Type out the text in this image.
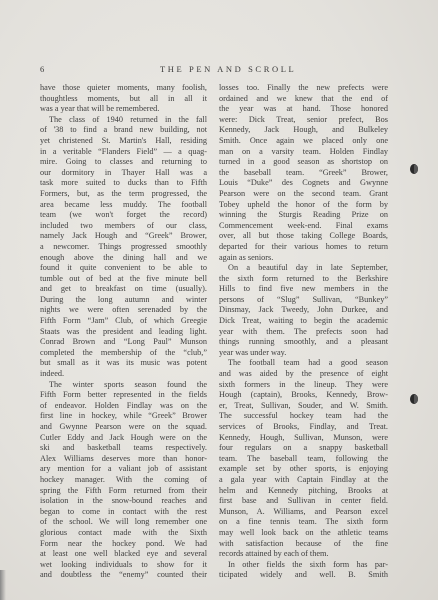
6	THE PEN AND SCROLL
have those quieter moments, many foolish,
thoughtless moments, but all in all it
was a year that will be remembered.
The class of 1940 returned in the fall
of '38 to find a brand new building, not
yet christened St. Martin's Hall, residing
in a veritable “Flanders Field” — a quag-
mire. Going to classes and returning to
our dormitory in Thayer Hall was a
task more suited to ducks than to Fifth
Formers, but, as the term progressed, the
area became less muddy. The football
team (we won't forget the record)
included two members of our class,
namely Jack Hough and “Greek” Brower,
a newcomer. Things progressed smoothly
enough above the dining hall and we
found it quite convenient to be able to
tumble out of bed at the five minute bell
and get to breakfast on time (usually).
During the long autumn and winter
nights we were often serenaded by the
Fifth Form “Jam” Club, of which Greegie
Staats was the president and leading light.
Conrad Brown and “Long Paul” Munson
completed the membership of the “club,”
but small as it was its music was potent
indeed.
The winter sports season found the
Fifth Form better represented in the fields
of endeavor. Holden Findlay was on the
first line in hockey, while “Greek” Brower
and Gwynne Pearson were on the squad.
Cutler Eddy and Jack Hough were on the
ski and basketball teams respectively.
Alex Williams deserves more than honor-
ary mention for a valiant job of assistant
hockey manager. With the coming of
spring the Fifth Form returned from their
isolation in the snow-bound reaches and
began to come in contact with the rest
of the school. We will long remember one
glorious contact made with the Sixth
Form near the hockey pond. We had
at least one well blacked eye and several
wet looking individuals to show for it
and doubtless the “enemy” counted their
losses too. Finally the new prefects were
ordained and we knew that the end of
the year was at hand. Those honored
were: Dick Treat, senior prefect, Bos
Kennedy, Jack Hough, and Bulkeley
Smith. Once again we placed only one
man on a varsity team. Holden Findlay
turned in a good season as shortstop on
the baseball team. “Greek” Brower,
Louis “Duke” des Cognets and Gwynne
Pearson were on the second team. Grant
Tobey upheld the honor of the form by
winning the Sturgis Reading Prize on
Commencement week-end. Final exams
over, all but those taking College Boards,
departed for their various homes to return
again as seniors.
On a beautiful day in late September,
the sixth form returned to the Berkshire
Hills to find five new members in the
persons of “Slug” Sullivan, “Bunkey”
Dinsmay, Jack Tweedy, John Durkee, and
Dick Treat, waiting to begin the academic
year with them. The prefects soon had
things running smoothly, and a pleasant
year was under way.
The football team had a good season
and was aided by the presence of eight
sixth formers in the lineup. They were
Hough (captain), Brooks, Kennedy, Brow-
er, Treat, Sullivan, Souder, and W. Smith.
The successful hockey team had the
services of Brooks, Findlay, and Treat.
Kennedy, Hough, Sullivan, Munson, were
four regulars on a snappy basketball
team. The baseball team, following the
example set by other sports, is enjoying
a gala year with Captain Findlay at the
helm and Kennedy pitching, Brooks at
first base and Sullivan in center field.
Munson, A. Williams, and Pearson excel
on a fine tennis team. The sixth form
may well look back on the athletic teams
with satisfaction because of the fine
records attained by each of them.
In other fields the sixth form has par-
ticipated widely and well. B. Smith
